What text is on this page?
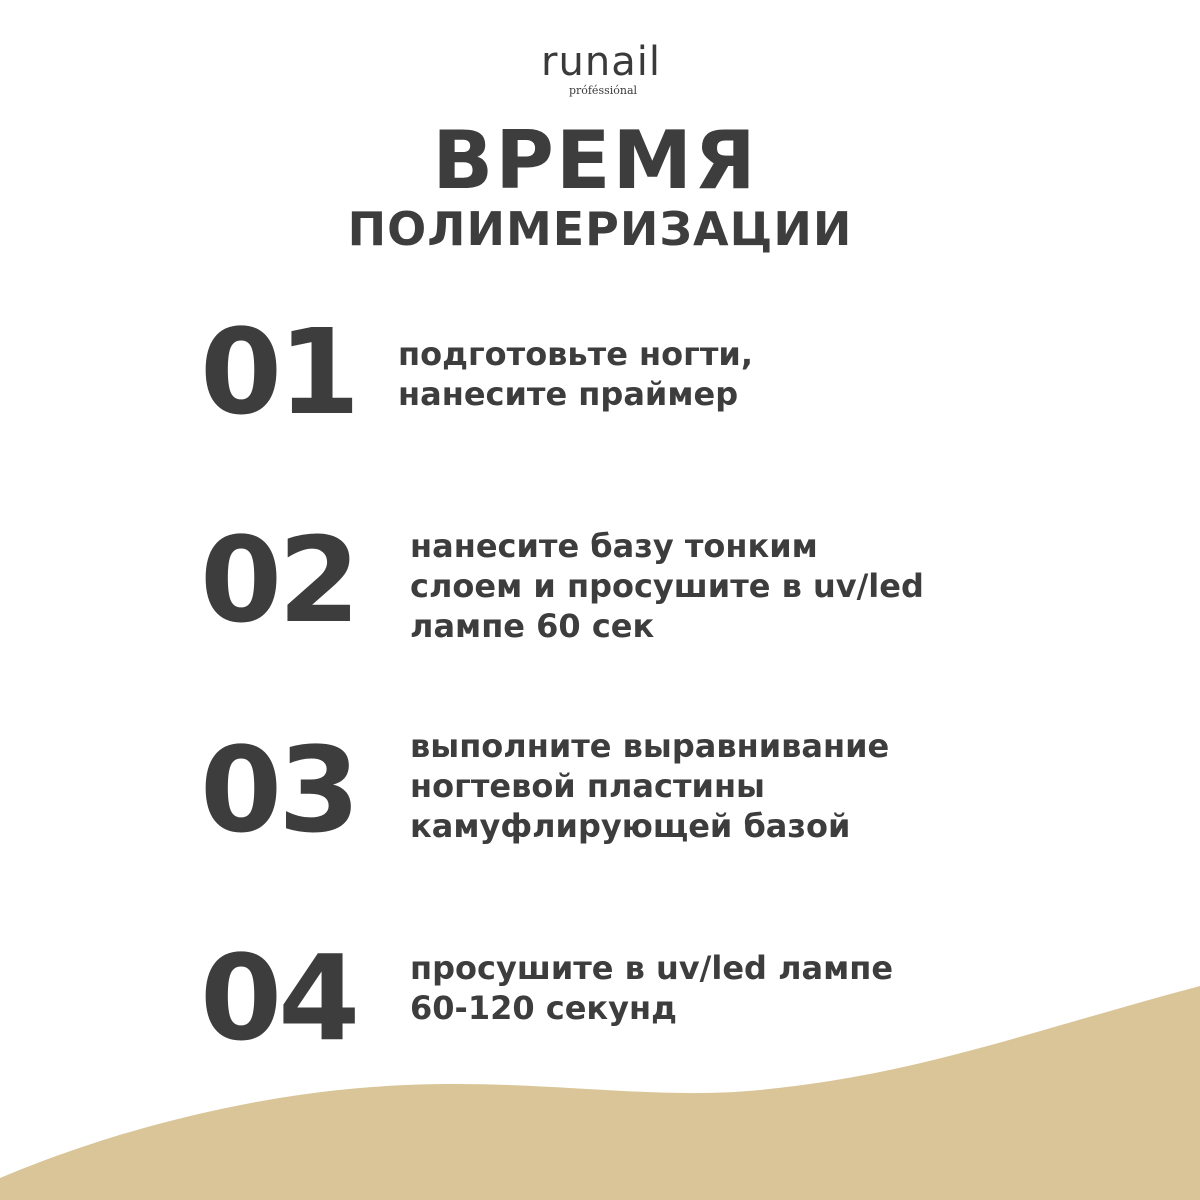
runail
próféssiónal
ВРЕМЯ
ПОЛИМЕРИЗАЦИИ
01 подготовьте ногти,
нанесите праймер
02 нанесите базу тонким
слоем и просушите в uv/led
лампе 60 сек
03 выполните выравнивание
ногтевой пластины
камуфлирующей базой
04 просушите в uv/led лампе
60-120 секунд
